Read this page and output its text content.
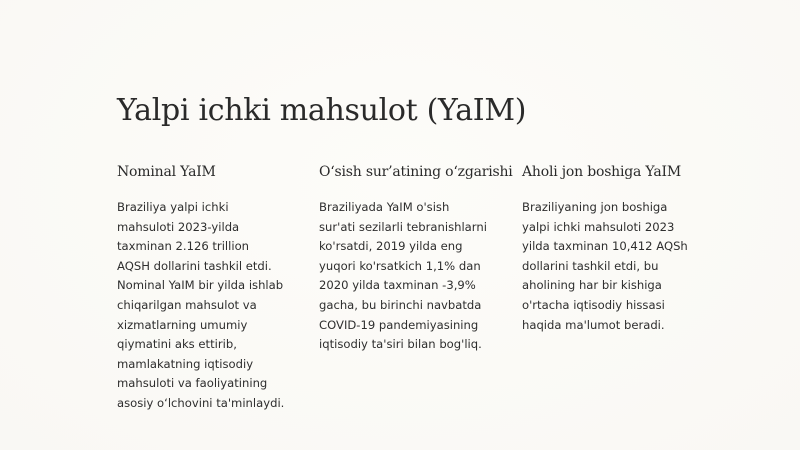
Yalpi ichki mahsulot (YaIM)
Nominal YaIM

Braziliya yalpi ichki mahsuloti 2023-yilda taxminan 2.126 trillion AQSH dollarini tashkil etdi. Nominal YaIM bir yilda ishlab chiqarilgan mahsulot va xizmatlarning umumiy qiymatini aks ettirib, mamlakatning iqtisodiy mahsuloti va faoliyatining asosiy o‘lchovini ta'minlaydi.

O‘sish sur’atining o‘zgarishi

Braziliyada YaIM o'sish sur'ati sezilarli tebranishlarni ko'rsatdi, 2019 yilda eng yuqori ko'rsatkich 1,1% dan 2020 yilda taxminan -3,9% gacha, bu birinchi navbatda COVID-19 pandemiyasining iqtisodiy ta'siri bilan bog'liq.

Aholi jon boshiga YaIM

Braziliyaning jon boshiga yalpi ichki mahsuloti 2023 yilda taxminan 10,412 AQSh dollarini tashkil etdi, bu aholining har bir kishiga o'rtacha iqtisodiy hissasi haqida ma'lumot beradi.
